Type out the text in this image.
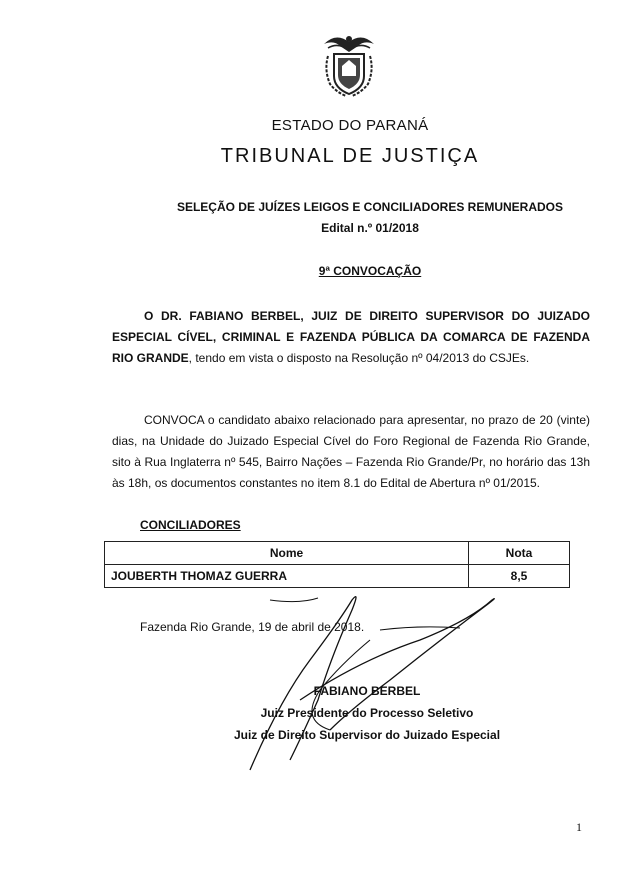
ESTADO DO PARANÁ
TRIBUNAL DE JUSTIÇA
SELEÇÃO DE JUÍZES LEIGOS E CONCILIADORES REMUNERADOS
Edital n.º 01/2018
9ª CONVOCAÇÃO
O DR. FABIANO BERBEL, JUIZ DE DIREITO SUPERVISOR DO JUIZADO ESPECIAL CÍVEL, CRIMINAL E FAZENDA PÚBLICA DA COMARCA DE FAZENDA RIO GRANDE, tendo em vista o disposto na Resolução nº 04/2013 do CSJEs.
CONVOCA o candidato abaixo relacionado para apresentar, no prazo de 20 (vinte) dias, na Unidade do Juizado Especial Cível do Foro Regional de Fazenda Rio Grande, sito à Rua Inglaterra nº 545, Bairro Nações – Fazenda Rio Grande/Pr, no horário das 13h às 18h, os documentos constantes no item 8.1 do Edital de Abertura nº 01/2015.
CONCILIADORES
Nome	Nota
JOUBERTH THOMAZ GUERRA	8,5
Fazenda Rio Grande, 19 de abril de 2018.
FABIANO BERBEL
Juiz Presidente do Processo Seletivo
Juiz de Direito Supervisor do Juizado Especial
1
